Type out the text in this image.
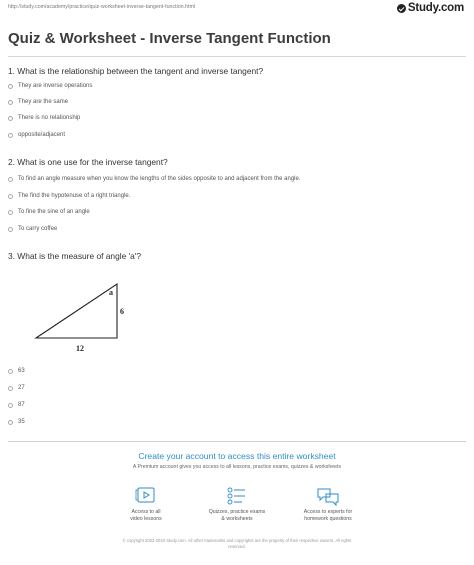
http://study.com/academy/practice/quiz-worksheet-inverse-tangent-function.html	Study.com
Quiz & Worksheet - Inverse Tangent Function
1. What is the relationship between the tangent and inverse tangent?
They are inverse operations
They are the same
There is no relationship
opposite/adjacent
2. What is one use for the inverse tangent?
To find an angle measure when you know the lengths of the sides opposite to and adjacent from the angle.
The find the hypotenuse of a right triangle.
To fine the sine of an angle
To carry coffee
3. What is the measure of angle 'a'?
a
6
12
63
27
87
35
Create your account to access this entire worksheet
A Premium account gives you access to all lessons, practice exams, quizzes & worksheets
Access to all
video lessons
Quizzes, practice exams
& worksheets
Access to experts for
homework questions
© copyright 2003-2020 Study.com. All other trademarks and copyrights are the property of their respective owners. All rights
reserved.
